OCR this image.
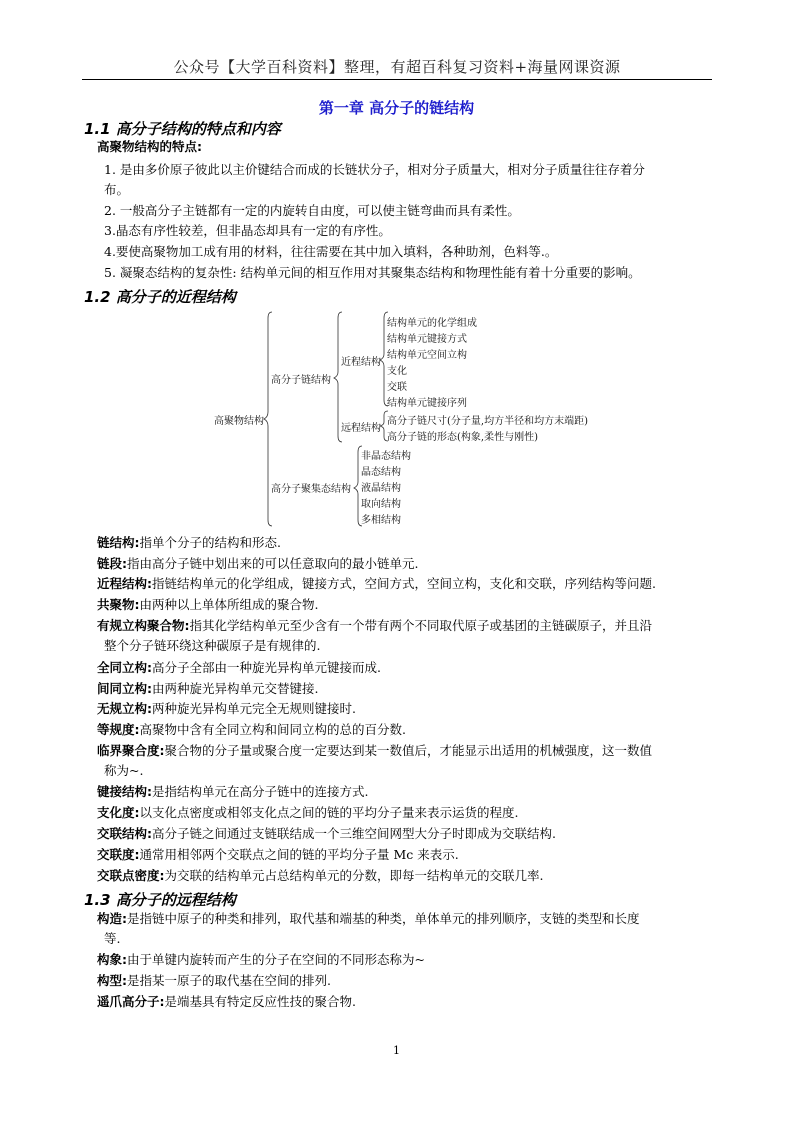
公众号【大学百科资料】整理，有超百科复习资料+海量网课资源
第一章 高分子的链结构
1.1 高分子结构的特点和内容
高聚物结构的特点:
1. 是由多价原子彼此以主价键结合而成的长链状分子，相对分子质量大，相对分子质量往往存着分
布。
2. 一般高分子主链都有一定的内旋转自由度，可以使主链弯曲而具有柔性。
3.晶态有序性较差，但非晶态却具有一定的有序性。
4.要使高聚物加工成有用的材料，往往需要在其中加入填料，各种助剂，色料等.。
5. 凝聚态结构的复杂性: 结构单元间的相互作用对其聚集态结构和物理性能有着十分重要的影响。
1.2 高分子的近程结构
高聚物结构
高分子链结构
近程结构
结构单元的化学组成
结构单元键接方式
结构单元空间立构
支化
交联
结构单元键接序列
远程结构
高分子链尺寸(分子量,均方半径和均方末端距)
高分子链的形态(构象,柔性与刚性)
高分子聚集态结构
非晶态结构
晶态结构
液晶结构
取向结构
多相结构
链结构:指单个分子的结构和形态.
链段:指由高分子链中划出来的可以任意取向的最小链单元.
近程结构:指链结构单元的化学组成，键接方式，空间方式，空间立构，支化和交联，序列结构等问题.
共聚物:由两种以上单体所组成的聚合物.
有规立构聚合物:指其化学结构单元至少含有一个带有两个不同取代原子或基团的主链碳原子，并且沿
整个分子链环绕这种碳原子是有规律的.
全同立构:高分子全部由一种旋光异构单元键接而成.
间同立构:由两种旋光异构单元交替键接.
无规立构:两种旋光异构单元完全无规则键接时.
等规度:高聚物中含有全同立构和间同立构的总的百分数.
临界聚合度:聚合物的分子量或聚合度一定要达到某一数值后，才能显示出适用的机械强度，这一数值
称为~.
键接结构:是指结构单元在高分子链中的连接方式.
支化度:以支化点密度或相邻支化点之间的链的平均分子量来表示运货的程度.
交联结构:高分子链之间通过支链联结成一个三维空间网型大分子时即成为交联结构.
交联度:通常用相邻两个交联点之间的链的平均分子量 Mc 来表示.
交联点密度:为交联的结构单元占总结构单元的分数，即每一结构单元的交联几率.
1.3 高分子的远程结构
构造:是指链中原子的种类和排列，取代基和端基的种类，单体单元的排列顺序，支链的类型和长度
等.
构象:由于单键内旋转而产生的分子在空间的不同形态称为~
构型:是指某一原子的取代基在空间的排列.
遥爪高分子:是端基具有特定反应性技的聚合物.
1
